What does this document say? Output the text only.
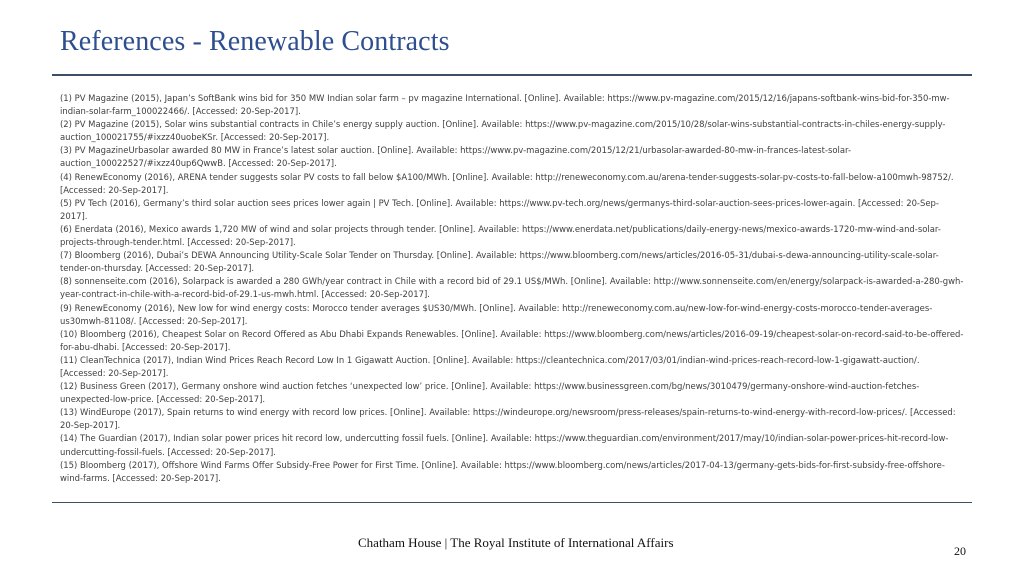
References - Renewable Contracts

(1) PV Magazine (2015), Japan’s SoftBank wins bid for 350 MW Indian solar farm – pv magazine International. [Online]. Available: https://www.pv-magazine.com/2015/12/16/japans-softbank-wins-bid-for-350-mw-indian-solar-farm_100022466/. [Accessed: 20-Sep-2017].

(2) PV Magazine (2015), Solar wins substantial contracts in Chile’s energy supply auction. [Online]. Available: https://www.pv-magazine.com/2015/10/28/solar-wins-substantial-contracts-in-chiles-energy-supply-auction_100021755/#ixzz40uobeKSr. [Accessed: 20-Sep-2017].

(3) PV MagazineUrbasolar awarded 80 MW in France’s latest solar auction. [Online]. Available: https://www.pv-magazine.com/2015/12/21/urbasolar-awarded-80-mw-in-frances-latest-solar-auction_100022527/#ixzz40up6QwwB. [Accessed: 20-Sep-2017].

(4) RenewEconomy (2016), ARENA tender suggests solar PV costs to fall below $A100/MWh. [Online]. Available: http://reneweconomy.com.au/arena-tender-suggests-solar-pv-costs-to-fall-below-a100mwh-98752/. [Accessed: 20-Sep-2017].

(5) PV Tech (2016), Germany’s third solar auction sees prices lower again | PV Tech. [Online]. Available: https://www.pv-tech.org/news/germanys-third-solar-auction-sees-prices-lower-again. [Accessed: 20-Sep-2017].

(6) Enerdata (2016), Mexico awards 1,720 MW of wind and solar projects through tender. [Online]. Available: https://www.enerdata.net/publications/daily-energy-news/mexico-awards-1720-mw-wind-and-solar-projects-through-tender.html. [Accessed: 20-Sep-2017].

(7) Bloomberg (2016), Dubai’s DEWA Announcing Utility-Scale Solar Tender on Thursday. [Online]. Available: https://www.bloomberg.com/news/articles/2016-05-31/dubai-s-dewa-announcing-utility-scale-solar-tender-on-thursday. [Accessed: 20-Sep-2017].

(8) sonnenseite.com (2016), Solarpack is awarded a 280 GWh/year contract in Chile with a record bid of 29.1 US$/MWh. [Online]. Available: http://www.sonnenseite.com/en/energy/solarpack-is-awarded-a-280-gwh-year-contract-in-chile-with-a-record-bid-of-29.1-us-mwh.html. [Accessed: 20-Sep-2017].

(9) RenewEconomy (2016), New low for wind energy costs: Morocco tender averages $US30/MWh. [Online]. Available: http://reneweconomy.com.au/new-low-for-wind-energy-costs-morocco-tender-averages-us30mwh-81108/. [Accessed: 20-Sep-2017].

(10) Bloomberg (2016), Cheapest Solar on Record Offered as Abu Dhabi Expands Renewables. [Online]. Available: https://www.bloomberg.com/news/articles/2016-09-19/cheapest-solar-on-record-said-to-be-offered-for-abu-dhabi. [Accessed: 20-Sep-2017].

(11) CleanTechnica (2017), Indian Wind Prices Reach Record Low In 1 Gigawatt Auction. [Online]. Available: https://cleantechnica.com/2017/03/01/indian-wind-prices-reach-record-low-1-gigawatt-auction/. [Accessed: 20-Sep-2017].

(12) Business Green (2017), Germany onshore wind auction fetches ‘unexpected low’ price. [Online]. Available: https://www.businessgreen.com/bg/news/3010479/germany-onshore-wind-auction-fetches-unexpected-low-price. [Accessed: 20-Sep-2017].

(13) WindEurope (2017), Spain returns to wind energy with record low prices. [Online]. Available: https://windeurope.org/newsroom/press-releases/spain-returns-to-wind-energy-with-record-low-prices/. [Accessed: 20-Sep-2017].

(14) The Guardian (2017), Indian solar power prices hit record low, undercutting fossil fuels. [Online]. Available: https://www.theguardian.com/environment/2017/may/10/indian-solar-power-prices-hit-record-low-undercutting-fossil-fuels. [Accessed: 20-Sep-2017].

(15) Bloomberg (2017), Offshore Wind Farms Offer Subsidy-Free Power for First Time. [Online]. Available: https://www.bloomberg.com/news/articles/2017-04-13/germany-gets-bids-for-first-subsidy-free-offshore-wind-farms. [Accessed: 20-Sep-2017].

Chatham House | The Royal Institute of International Affairs
20
